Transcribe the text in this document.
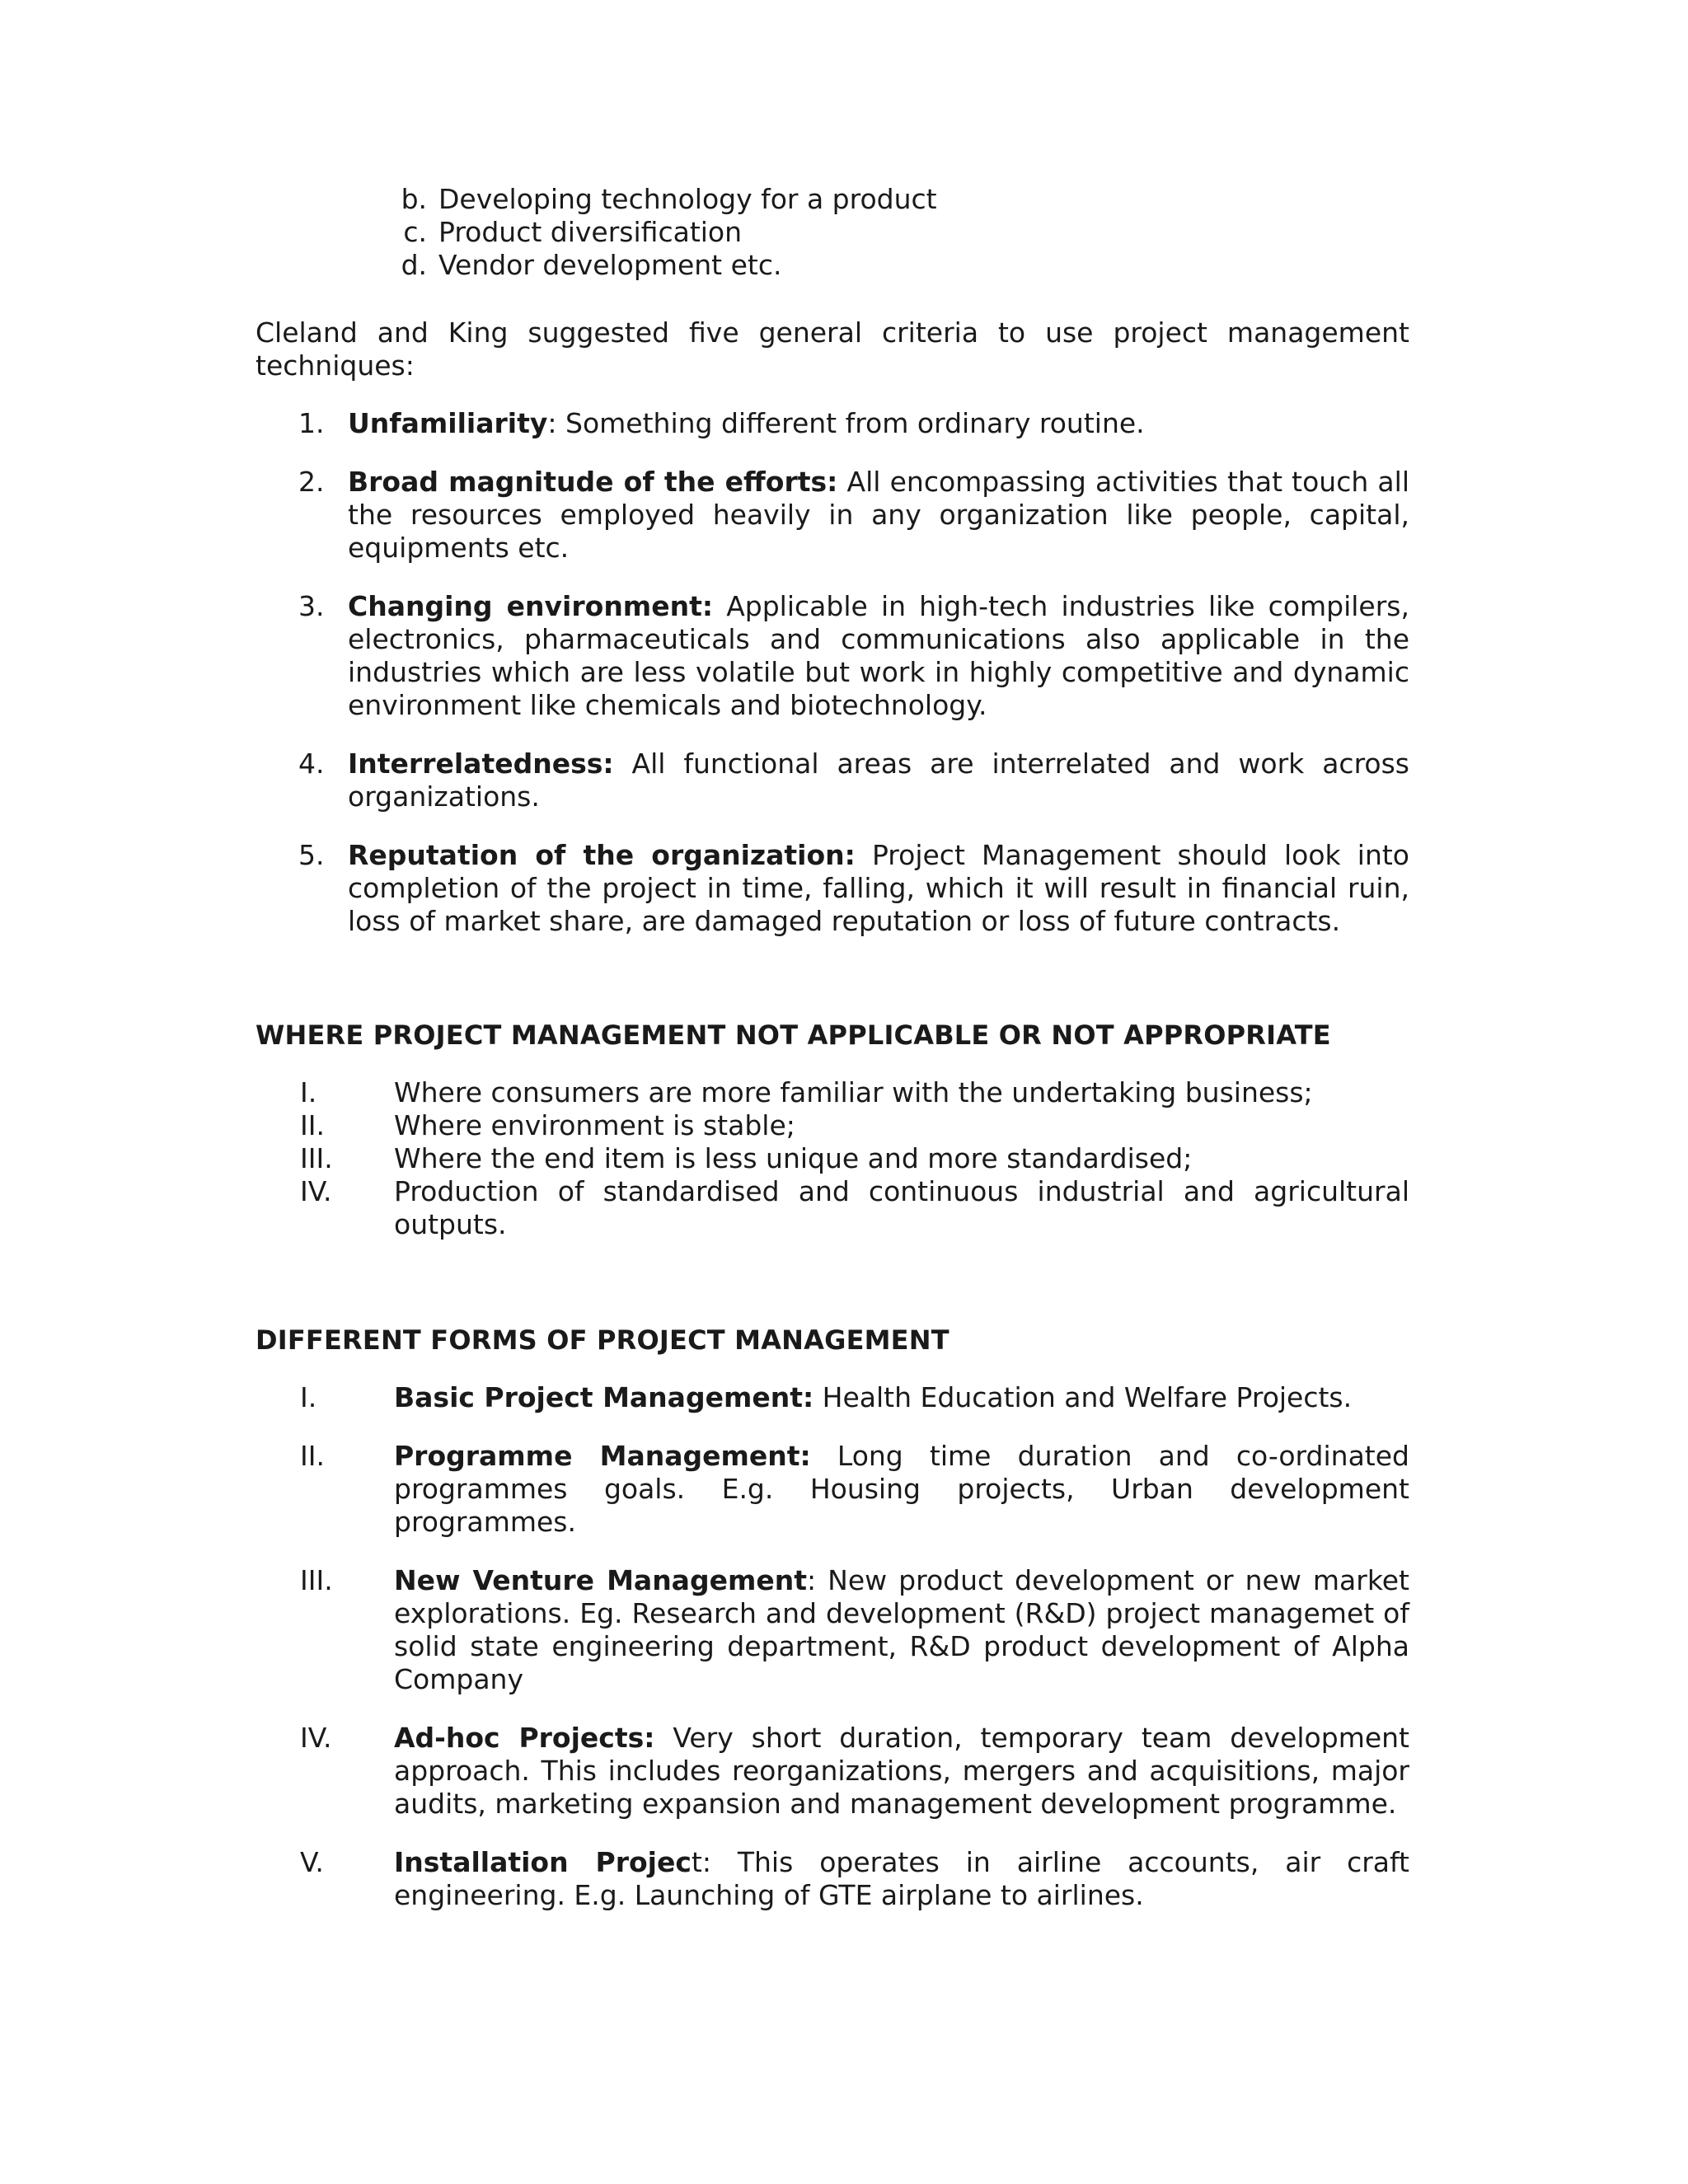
b. Developing technology for a product
c. Product diversification
d. Vendor development etc.

Cleland and King suggested five general criteria to use project management techniques:

1. Unfamiliarity: Something different from ordinary routine.
2. Broad magnitude of the efforts: All encompassing activities that touch all the resources employed heavily in any organization like people, capital, equipments etc.
3. Changing environment: Applicable in high-tech industries like compilers, electronics, pharmaceuticals and communications also applicable in the industries which are less volatile but work in highly competitive and dynamic environment like chemicals and biotechnology.
4. Interrelatedness: All functional areas are interrelated and work across organizations.
5. Reputation of the organization: Project Management should look into completion of the project in time, falling, which it will result in financial ruin, loss of market share, are damaged reputation or loss of future contracts.

WHERE PROJECT MANAGEMENT NOT APPLICABLE OR NOT APPROPRIATE

I.	Where consumers are more familiar with the undertaking business;
II.	Where environment is stable;
III. Where the end item is less unique and more standardised;
IV. Production of standardised and continuous industrial and agricultural outputs.

DIFFERENT FORMS OF PROJECT MANAGEMENT

I.	Basic Project Management: Health Education and Welfare Projects.
II.	Programme Management: Long time duration and co-ordinated programmes goals. E.g. Housing projects, Urban development programmes.
III. New Venture Management: New product development or new market explorations. Eg. Research and development (R&D) project managemet of solid state engineering department, R&D product development of Alpha Company
IV. Ad-hoc Projects: Very short duration, temporary team development approach. This includes reorganizations, mergers and acquisitions, major audits, marketing expansion and management development programme.
V.	Installation Project: This operates in airline accounts, air craft engineering. E.g. Launching of GTE airplane to airlines.
